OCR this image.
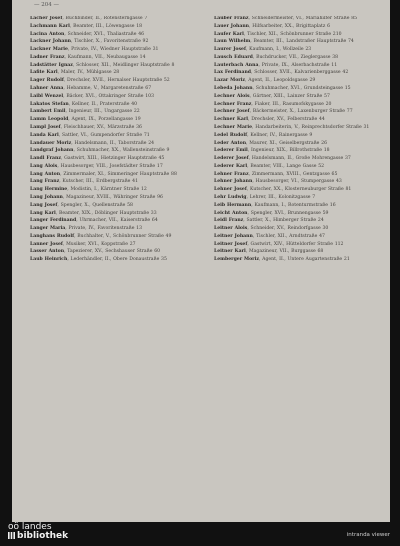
— 204 —

Lacher Josef, Buchbinder, II., Rotensterngasse 7

Lachmann Karl, Beamter, III., Löwengasse 18

Lacina Anton, Schneider, XVI., Thaliastraße 46

Lackner Johann, Tischler, X., Favoritenstraße 92

Lackner Marie, Private, IV., Wiedner Hauptstraße 31

Ladner Franz, Kaufmann, VII., Neubaugasse 14

Ladstätter Ignaz, Schlosser, XII., Meidlinger Hauptstraße 8

Lafite Karl, Maler, IV., Mühlgasse 28

Lager Rudolf, Drechsler, XVII., Hernalser Hauptstraße 52

Lahner Anna, Hebamme, V., Margaretenstraße 67

Laibl Wenzel, Bäcker, XVI., Ottakringer Straße 103

Lakatos Stefan, Kellner, II., Praterstraße 40

Lambert Emil, Ingenieur, III., Ungargasse 22

Lamm Leopold, Agent, IX., Porzellangasse 19

Lampl Josef, Fleischhauer, XV., Märzstraße 36

Landa Karl, Sattler, VI., Gumpendorfer Straße 71

Landauer Moriz, Handelsmann, II., Taborstraße 24

Landgraf Johann, Schuhmacher, XX., Wallensteinstraße 9

Landl Franz, Gastwirt, XIII., Hietzinger Hauptstraße 45

Lang Alois, Hausbesorger, VIII., Josefstädter Straße 17

Lang Anton, Zimmermaler, XI., Simmeringer Hauptstraße 88

Lang Franz, Kutscher, III., Erdbergstraße 41

Lang Hermine, Modistin, I., Kärntner Straße 12

Lang Johann, Magazineur, XVIII., Währinger Straße 96

Lang Josef, Spengler, X., Quellenstraße 58

Lang Karl, Beamter, XIX., Döblinger Hauptstraße 33

Langer Ferdinand, Uhrmacher, VII., Kaiserstraße 64

Langer Maria, Private, IV., Favoritenstraße 13

Langhans Rudolf, Buchhalter, V., Schönbrunner Straße 49

Lanner Josef, Musiker, XVI., Koppstraße 27

Lasser Anton, Tapezierer, XV., Sechshauser Straße 60

Laub Heinrich, Lederhändler, II., Obere Donaustraße 35

Lauber Franz, Schneidermeister, VI., Mariahilfer Straße 85

Lauer Johann, Hilfsarbeiter, XX., Brigittaplatz 6

Laufer Karl, Tischler, XII., Schönbrunner Straße 210

Laun Wilhelm, Beamter, III., Landstraßer Hauptstraße 74

Laurer Josef, Kaufmann, I., Wollzeile 23

Lausch Eduard, Buchdrucker, VII., Zieglergasse 38

Lauterbach Anna, Private, IX., Alserbachstraße 11

Lax Ferdinand, Schlosser, XVII., Kalvarienberggasse 42

Lazar Moriz, Agent, II., Leopoldsgasse 29

Lebeda Johann, Schuhmacher, XVI., Grundsteingasse 15

Lechner Alois, Gärtner, XIII., Lainzer Straße 57

Lechner Franz, Fiaker, III., Rasumofskygasse 20

Lechner Josef, Bäckermeister, X., Laxenburger Straße 77

Lechner Karl, Drechsler, XV., Felberstraße 44

Lechner Marie, Handarbeiterin, V., Reinprechtsdorfer Straße 31

Ledel Rudolf, Kellner, IV., Rainergasse 9

Leder Anton, Maurer, XI., Geiselbergstraße 26

Lederer Emil, Ingenieur, XIX., Billrothstraße 18

Lederer Josef, Handelsmann, II., Große Mohrengasse 37

Lederer Karl, Beamter, VIII., Lange Gasse 52

Lehner Franz, Zimmermann, XVIII., Gentzgasse 65

Lehner Johann, Hausbesorger, VI., Stumpergasse 43

Lehner Josef, Kutscher, XX., Klosterneuburger Straße 81

Lehr Ludwig, Lehrer, III., Kolonitzgasse 7

Leib Hermann, Kaufmann, I., Rotenturmstraße 16

Leicht Anton, Spengler, XVI., Brunnengasse 59

Leidl Franz, Sattler, X., Himberger Straße 24

Leitner Alois, Schneider, XV., Reindorfgasse 30

Leitner Johann, Tischler, XII., Arndtstraße 47

Leitner Josef, Gastwirt, XIV., Hütteldorfer Straße 112

Leitner Karl, Magazineur, VII., Burggasse 68

Lemberger Moriz, Agent, II., Untere Augartenstraße 21

oö landes
bibliothek	intranda viewer
